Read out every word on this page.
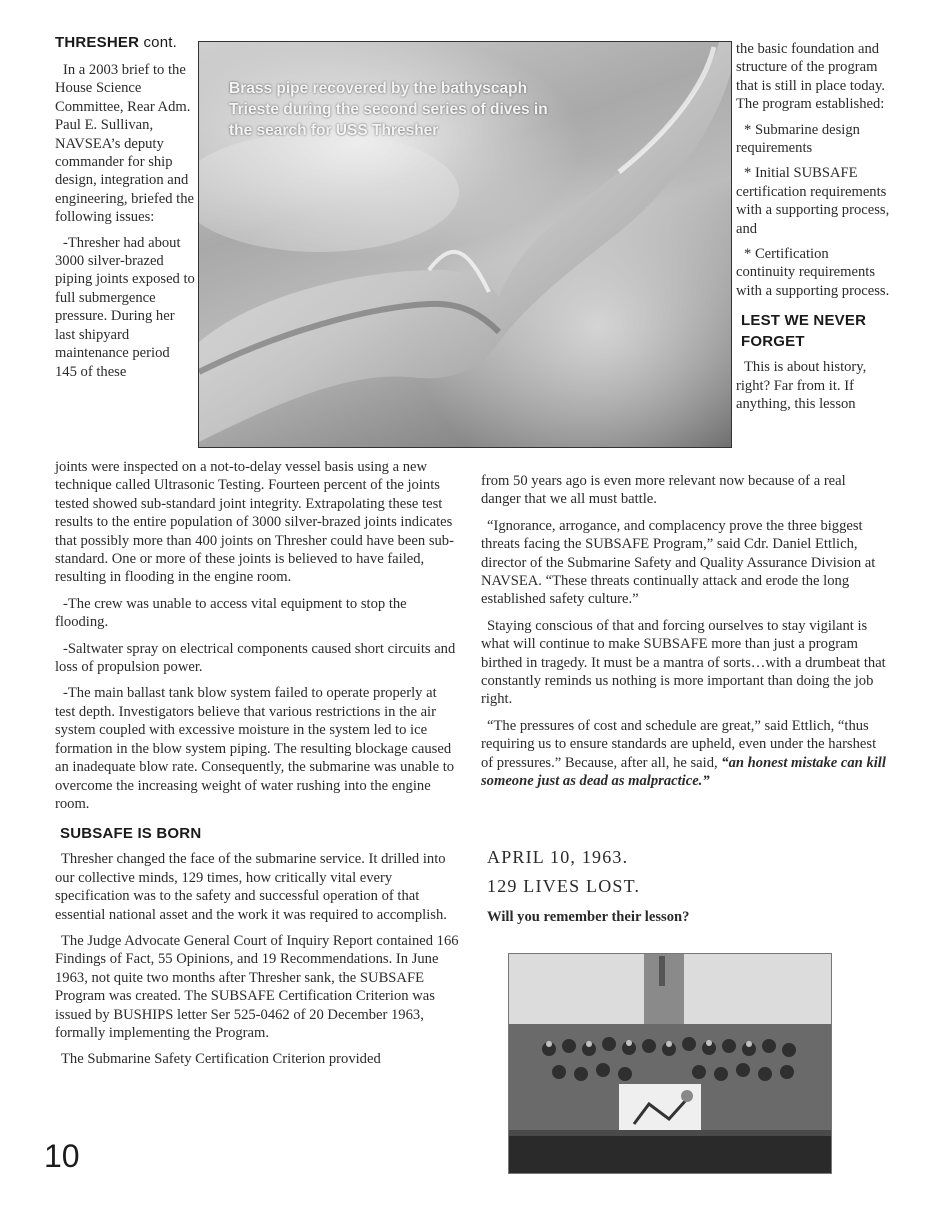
THRESHER cont.
Brass pipe recovered by the bathyscaph Trieste during the second series of dives in the search for USS Thresher

In a 2003 brief to the House Science Committee, Rear Adm. Paul E. Sullivan, NAVSEA’s deputy commander for ship design, integration and engineering, briefed the following issues:

-Thresher had about 3000 silver-brazed piping joints exposed to full submergence pressure. During her last shipyard maintenance period 145 of these

joints were inspected on a not-to-delay vessel basis using a new technique called Ultrasonic Testing. Fourteen percent of the joints tested showed sub-standard joint integrity. Extrapolating these test results to the entire population of 3000 silver-brazed joints indicates that possibly more than 400 joints on Thresher could have been sub-standard. One or more of these joints is believed to have failed, resulting in flooding in the engine room.

-The crew was unable to access vital equipment to stop the flooding.

-Saltwater spray on electrical components caused short circuits and loss of propulsion power.

-The main ballast tank blow system failed to operate properly at test depth. Investigators believe that various restrictions in the air system coupled with excessive moisture in the system led to ice formation in the blow system piping. The resulting blockage caused an inadequate blow rate. Consequently, the submarine was unable to overcome the increasing weight of water rushing into the engine room.

SUBSAFE IS BORN

Thresher changed the face of the submarine service. It drilled into our collective minds, 129 times, how critically vital every specification was to the safety and successful operation of that essential national asset and the work it was required to accomplish.

The Judge Advocate General Court of Inquiry Report contained 166 Findings of Fact, 55 Opinions, and 19 Recommendations. In June 1963, not quite two months after Thresher sank, the SUBSAFE Program was created. The SUBSAFE Certification Criterion was issued by BUSHIPS letter Ser 525-0462 of 20 December 1963, formally implementing the Program.

The Submarine Safety Certification Criterion provided

the basic foundation and structure of the program that is still in place today. The program established:

* Submarine design requirements

* Initial SUBSAFE certification requirements with a supporting process, and

* Certification continuity requirements with a supporting process.

LEST WE NEVER FORGET

This is about history, right? Far from it. If anything, this lesson

from 50 years ago is even more relevant now because of a real danger that we all must battle.

“Ignorance, arrogance, and complacency prove the three biggest threats facing the SUBSAFE Program,” said Cdr. Daniel Ettlich, director of the Submarine Safety and Quality Assurance Division at NAVSEA. “These threats continually attack and erode the long established safety culture.”

Staying conscious of that and forcing ourselves to stay vigilant is what will continue to make SUBSAFE more than just a program birthed in tragedy. It must be a mantra of sorts…with a drumbeat that constantly reminds us nothing is more important than doing the job right.

“The pressures of cost and schedule are great,” said Ettlich, “thus requiring us to ensure standards are upheld, even under the harshest of pressures.” Because, after all, he said, “an honest mistake can kill someone just as dead as malpractice.”

APRIL 10, 1963.
129 LIVES LOST.
Will you remember their lesson?
10
